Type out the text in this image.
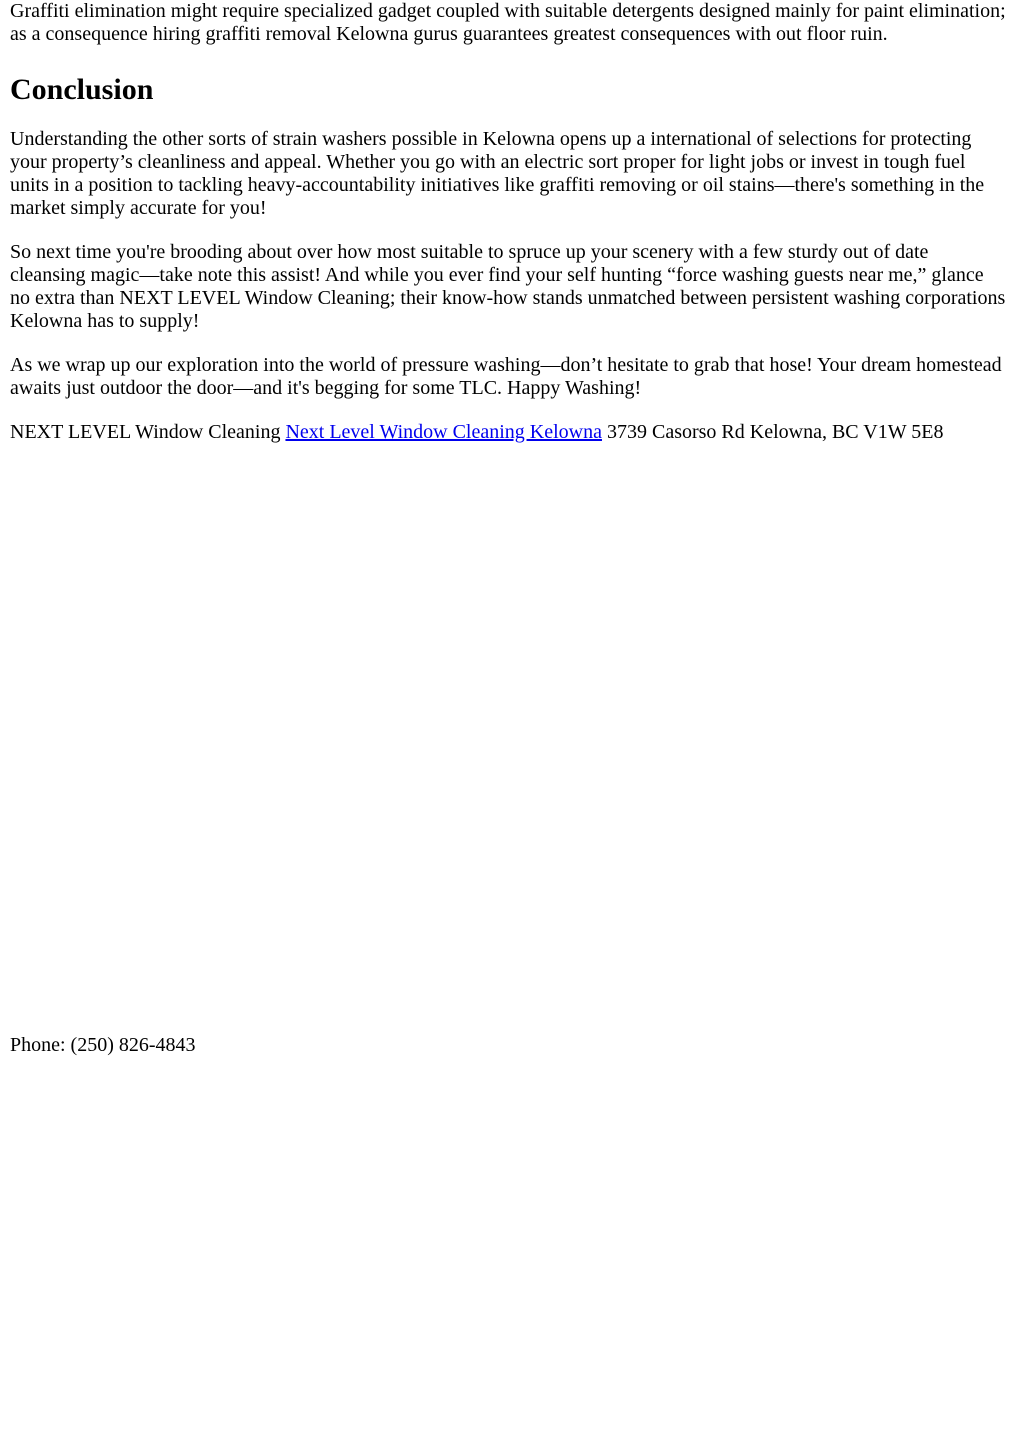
Graffiti elimination might require specialized gadget coupled with suitable detergents designed mainly for paint elimination; as a consequence hiring graffiti removal Kelowna gurus guarantees greatest consequences with out floor ruin.

Conclusion

Understanding the other sorts of strain washers possible in Kelowna opens up a international of selections for protecting your property’s cleanliness and appeal. Whether you go with an electric sort proper for light jobs or invest in tough fuel units in a position to tackling heavy-accountability initiatives like graffiti removing or oil stains—there's something in the market simply accurate for you!

So next time you're brooding about over how most suitable to spruce up your scenery with a few sturdy out of date cleansing magic—take note this assist! And while you ever find your self hunting “force washing guests near me,” glance no extra than NEXT LEVEL Window Cleaning; their know-how stands unmatched between persistent washing corporations Kelowna has to supply!

As we wrap up our exploration into the world of pressure washing—don’t hesitate to grab that hose! Your dream homestead awaits just outdoor the door—and it's begging for some TLC. Happy Washing!

NEXT LEVEL Window Cleaning Next Level Window Cleaning Kelowna 3739 Casorso Rd Kelowna, BC V1W 5E8

Phone: (250) 826-4843
